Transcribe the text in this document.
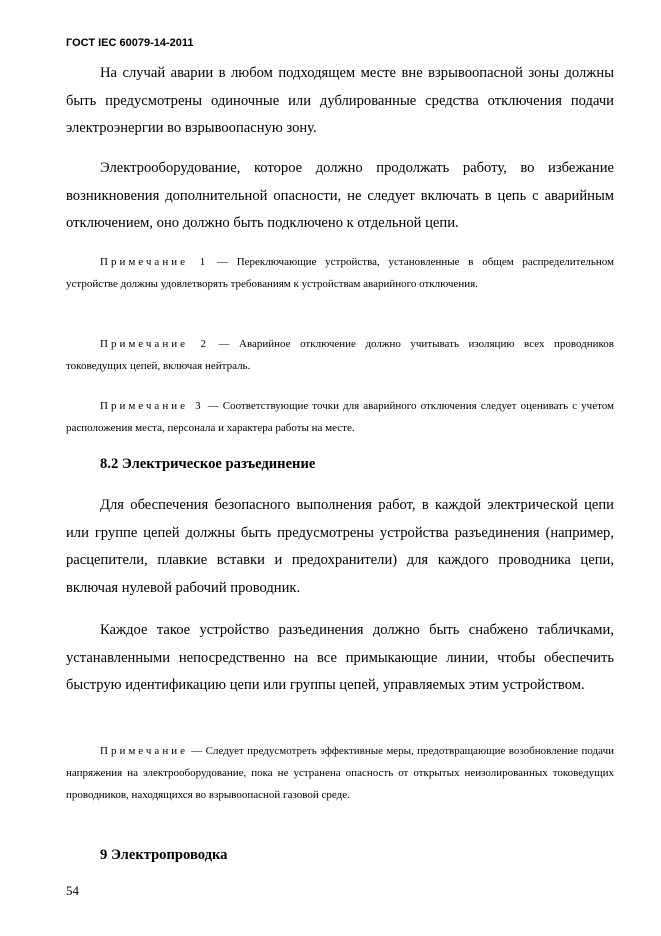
ГОСТ IEC 60079-14-2011

На случай аварии в любом подходящем месте вне взрывоопасной зоны должны быть предусмотрены одиночные или дублированные средства отключения подачи электроэнергии во взрывоопасную зону.

Электрооборудование, которое должно продолжать работу, во избежание возникновения дополнительной опасности, не следует включать в цепь с аварийным отключением, оно должно быть подключено к отдельной цепи.

Примечание 1 — Переключающие устройства, установленные в общем распределительном устройстве должны удовлетворять требованиям к устройствам аварийного отключения.

Примечание 2 — Аварийное отключение должно учитывать изоляцию всех проводников токоведущих цепей, включая нейтраль.

Примечание 3 — Соответствующие точки для аварийного отключения следует оценивать с учетом расположения места, персонала и характера работы на месте.

8.2 Электрическое разъединение

Для обеспечения безопасного выполнения работ, в каждой электрической цепи или группе цепей должны быть предусмотрены устройства разъединения (например, расцепители, плавкие вставки и предохранители) для каждого проводника цепи, включая нулевой рабочий проводник.

Каждое такое устройство разъединения должно быть снабжено табличками, устанавленными непосредственно на все примыкающие линии, чтобы обеспечить быструю идентификацию цепи или группы цепей, управляемых этим устройством.

Примечание — Следует предусмотреть эффективные меры, предотвращающие возобновление подачи напряжения на электрооборудование, пока не устранена опасность от открытых неизолированных токоведущих проводников, находящихся во взрывоопасной газовой среде.

9 Электропроводка
54
